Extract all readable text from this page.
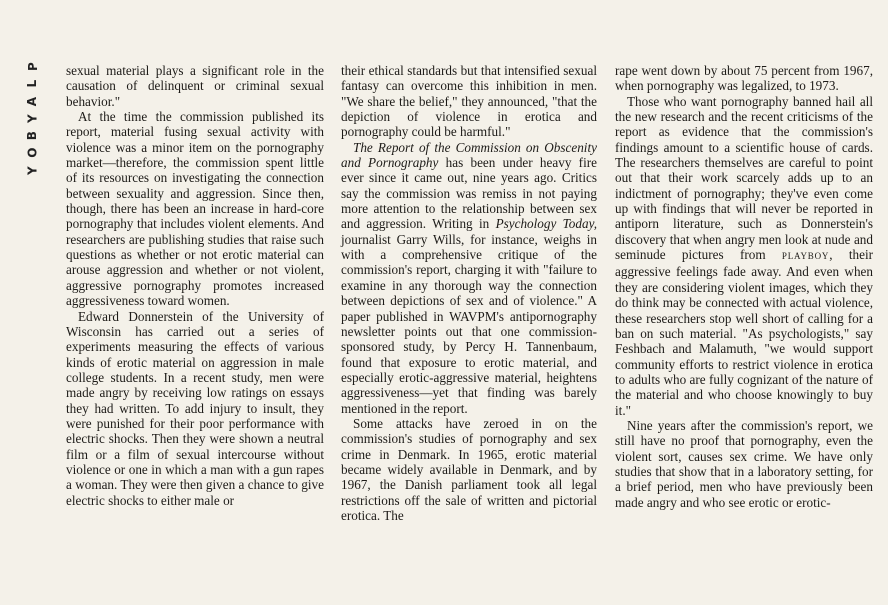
P
L
A
Y
B
O
Y

sexual material plays a significant role in the causation of delinquent or criminal sexual behavior."

At the time the commission published its report, material fusing sexual activity with violence was a minor item on the pornography market—therefore, the commission spent little of its resources on investigating the connection between sexuality and aggression. Since then, though, there has been an increase in hard-core pornography that includes violent elements. And researchers are publishing studies that raise such questions as whether or not erotic material can arouse aggression and whether or not violent, aggressive pornography promotes increased aggressiveness toward women.

Edward Donnerstein of the University of Wisconsin has carried out a series of experiments measuring the effects of various kinds of erotic material on aggression in male college students. In a recent study, men were made angry by receiving low ratings on essays they had written. To add injury to insult, they were punished for their poor performance with electric shocks. Then they were shown a neutral film or a film of sexual intercourse without violence or one in which a man with a gun rapes a woman. They were then given a chance to give electric shocks to either male or

their ethical standards but that intensified sexual fantasy can overcome this inhibition in men. "We share the belief," they announced, "that the depiction of violence in erotica and pornography could be harmful."

The Report of the Commission on Obscenity and Pornography has been under heavy fire ever since it came out, nine years ago. Critics say the commission was remiss in not paying more attention to the relationship between sex and aggression. Writing in Psychology Today, journalist Garry Wills, for instance, weighs in with a comprehensive critique of the commission's report, charging it with "failure to examine in any thorough way the connection between depictions of sex and of violence." A paper published in WAVPM's antipornography newsletter points out that one commission-sponsored study, by Percy H. Tannenbaum, found that exposure to erotic material, and especially erotic-aggressive material, heightens aggressiveness—yet that finding was barely mentioned in the report.

Some attacks have zeroed in on the commission's studies of pornography and sex crime in Denmark. In 1965, erotic material became widely available in Denmark, and by 1967, the Danish parliament took all legal restrictions off the sale of written and pictorial erotica. The

rape went down by about 75 percent from 1967, when pornography was legalized, to 1973.

Those who want pornography banned hail all the new research and the recent criticisms of the report as evidence that the commission's findings amount to a scientific house of cards. The researchers themselves are careful to point out that their work scarcely adds up to an indictment of pornography; they've even come up with findings that will never be reported in antiporn literature, such as Donnerstein's discovery that when angry men look at nude and seminude pictures from PLAYBOY, their aggressive feelings fade away. And even when they are considering violent images, which they do think may be connected with actual violence, these researchers stop well short of calling for a ban on such material. "As psychologists," say Feshbach and Malamuth, "we would support community efforts to restrict violence in erotica to adults who are fully cognizant of the nature of the material and who choose knowingly to buy it."

Nine years after the commission's report, we still have no proof that pornography, even the violent sort, causes sex crime. We have only studies that show that in a laboratory setting, for a brief period, men who have previously been made angry and who see erotic or erotic-
